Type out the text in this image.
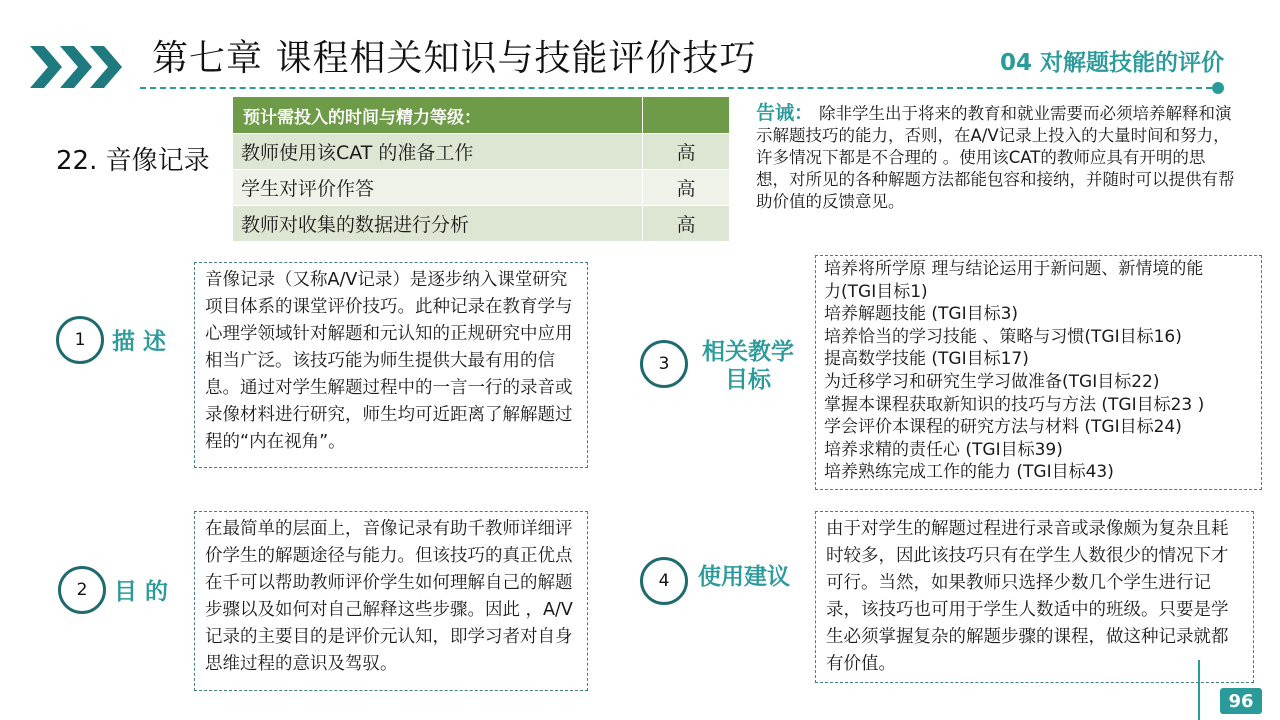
第七章 课程相关知识与技能评价技巧	04 对解题技能的评价
22. 音像记录
预计需投入的时间与精力等级：	
教师使用该CAT 的准备工作	高
学生对评价作答	高
教师对收集的数据进行分析	高
告诫： 除非学生出于将来的教育和就业需要而必须培养解释和演示解题技巧的能力，否则，在A/V记录上投入的大量时间和努力，许多情况下都是不合理的 。使用该CAT的教师应具有开明的思想，对所见的各种解题方法都能包容和接纳，并随时可以提供有帮助价值的反馈意见。
1	描 述
音像记录（又称A/V记录）是逐步纳入课堂研究项目体系的课堂评价技巧。此种记录在教育学与心理学领域针对解题和元认知的正规研究中应用相当广泛。该技巧能为师生提供大最有用的信息。通过对学生解题过程中的一言一行的录音或录像材料进行研究，师生均可近距离了解解题过程的“内在视角”。
2	目 的
在最简单的层面上，音像记录有助千教师详细评价学生的解题途径与能力。但该技巧的真正优点在千可以帮助教师评价学生如何理解自己的解题步骤以及如何对自己解释这些步骤。因此 ，A/V记录的主要目的是评价元认知，即学习者对自身思维过程的意识及驾驭。
3	相关教学
目标
培养将所学原 理与结论运用于新问题、新情境的能
力(TGI目标1)
培养解题技能 (TGI目标3)
培养恰当的学习技能 、策略与习惯(TGI目标16)
提高数学技能 (TGI目标17)
为迁移学习和研究生学习做准备(TGI目标22)
掌握本课程获取新知识的技巧与方法 (TGI目标23 )
学会评价本课程的研究方法与材料 (TGI目标24)
培养求精的责任心 (TGI目标39)
培养熟练完成工作的能力 (TGI目标43)
4	使用建议
由于对学生的解题过程进行录音或录像颇为复杂且耗时较多，因此该技巧只有在学生人数很少的情况下才可行。当然，如果教师只选择少数几个学生进行记录，该技巧也可用于学生人数适中的班级。只要是学生必须掌握复杂的解题步骤的课程，做这种记录就都有价值。
96
